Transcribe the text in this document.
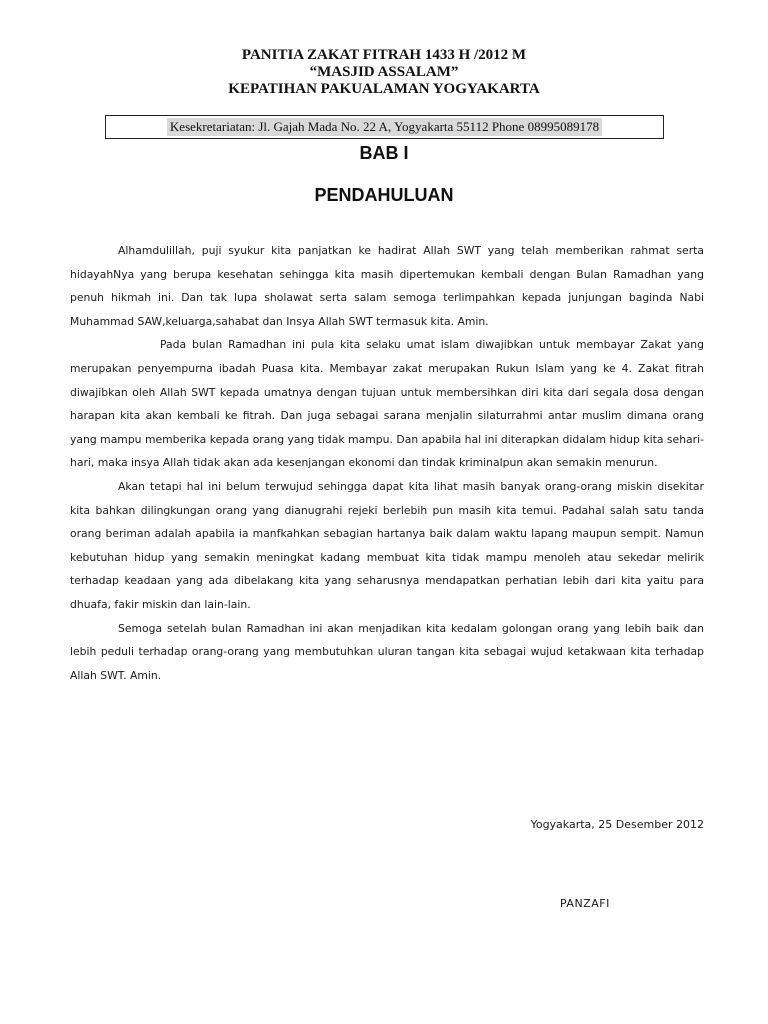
PANITIA ZAKAT FITRAH 1433 H /2012 M
“MASJID ASSALAM”
KEPATIHAN PAKUALAMAN YOGYAKARTA
Kesekretariatan: Jl. Gajah Mada No. 22 A, Yogyakarta 55112 Phone 08995089178
BAB I
PENDAHULUAN

Alhamdulillah, puji syukur kita panjatkan ke hadirat Allah SWT yang telah memberikan rahmat serta hidayahNya yang berupa kesehatan sehingga kita masih dipertemukan kembali dengan Bulan Ramadhan yang penuh hikmah ini. Dan tak lupa sholawat serta salam semoga terlimpahkan kepada junjungan baginda Nabi Muhammad SAW,keluarga,sahabat dan Insya Allah SWT termasuk kita. Amin.

Pada bulan Ramadhan ini pula kita selaku umat islam diwajibkan untuk membayar Zakat yang merupakan penyempurna ibadah Puasa kita. Membayar zakat merupakan Rukun Islam yang ke 4. Zakat fitrah diwajibkan oleh Allah SWT kepada umatnya dengan tujuan untuk membersihkan diri kita dari segala dosa dengan harapan kita akan kembali ke fitrah. Dan juga sebagai sarana menjalin silaturrahmi antar muslim dimana orang yang mampu memberika kepada orang yang tidak mampu. Dan apabila hal ini diterapkan didalam hidup kita sehari-hari, maka insya Allah tidak akan ada kesenjangan ekonomi dan tindak kriminalpun akan semakin menurun.

Akan tetapi hal ini belum terwujud sehingga dapat kita lihat masih banyak orang-orang miskin disekitar kita bahkan dilingkungan orang yang dianugrahi rejeki berlebih pun masih kita temui. Padahal salah satu tanda orang beriman adalah apabila ia manfkahkan sebagian hartanya baik dalam waktu lapang maupun sempit. Namun kebutuhan hidup yang semakin meningkat kadang membuat kita tidak mampu menoleh atau sekedar melirik terhadap keadaan yang ada dibelakang kita yang seharusnya mendapatkan perhatian lebih dari kita yaitu para dhuafa, fakir miskin dan lain-lain.

Semoga setelah bulan Ramadhan ini akan menjadikan kita kedalam golongan orang yang lebih baik dan lebih peduli terhadap orang-orang yang membutuhkan uluran tangan kita sebagai wujud ketakwaan kita terhadap Allah SWT. Amin.

Yogyakarta, 25 Desember 2012
PANZAFI
